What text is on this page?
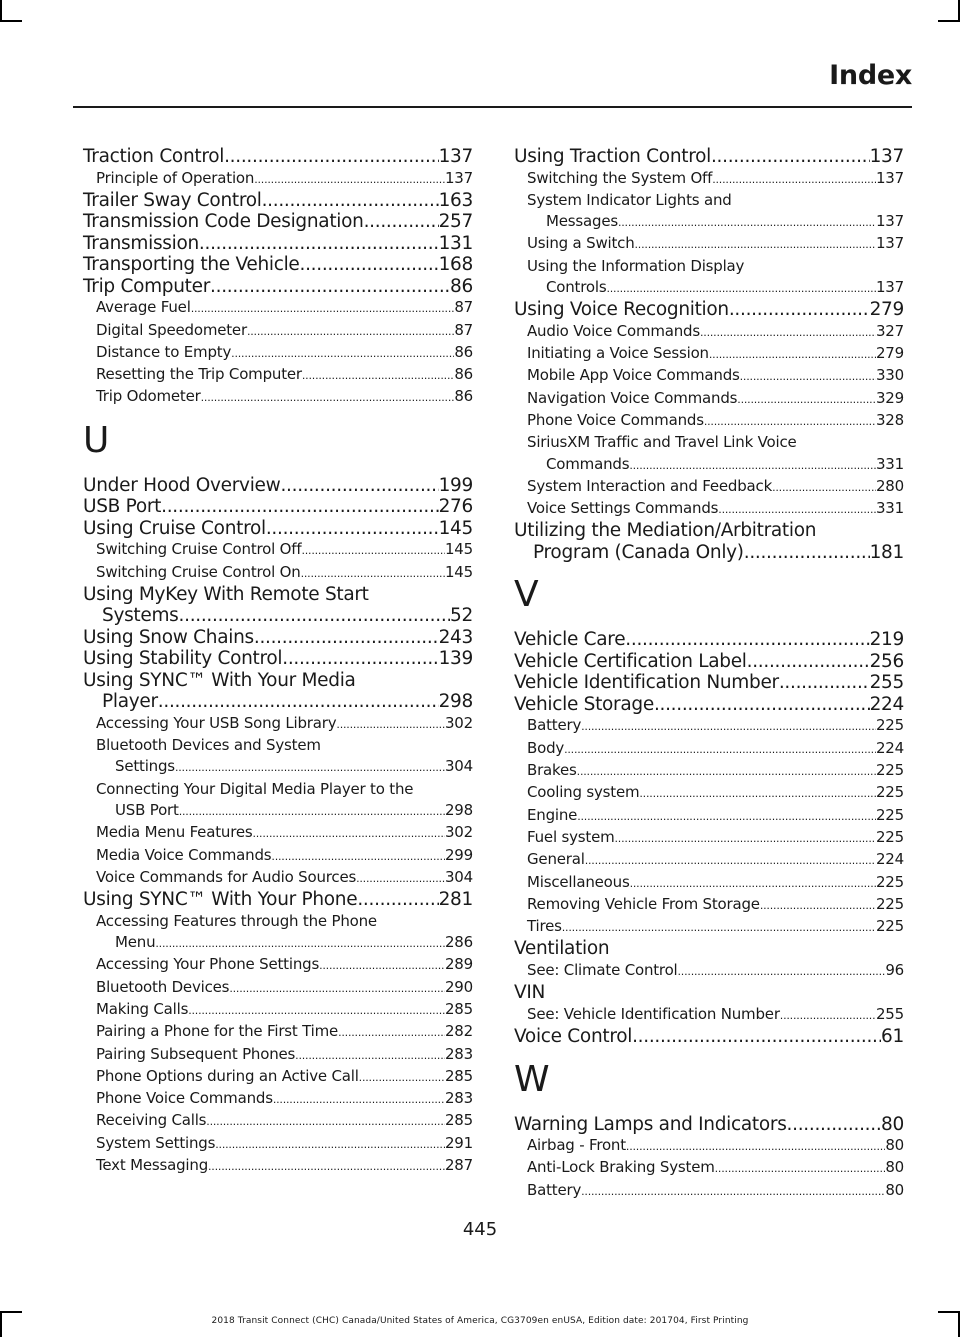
Index
Traction Control .....	137
Principle of Operation .....	137
Trailer Sway Control .....	163
Transmission Code Designation .....	257
Transmission .....	131
Transporting the Vehicle .....	168
Trip Computer .....	86
Average Fuel .....	87
Digital Speedometer .....	87
Distance to Empty .....	86
Resetting the Trip Computer .....	86
Trip Odometer .....	86
U
Under Hood Overview .....	199
USB Port .....	276
Using Cruise Control .....	145
Switching Cruise Control Off .....	145
Switching Cruise Control On .....	145
Using MyKey With Remote Start
Systems .....	52
Using Snow Chains .....	243
Using Stability Control .....	139
Using SYNC™ With Your Media
Player .....	298
Accessing Your USB Song Library .....	302
Bluetooth Devices and System
Settings .....	304
Connecting Your Digital Media Player to the
USB Port .....	298
Media Menu Features .....	302
Media Voice Commands .....	299
Voice Commands for Audio Sources .....	304
Using SYNC™ With Your Phone .....	281
Accessing Features through the Phone
Menu .....	286
Accessing Your Phone Settings .....	289
Bluetooth Devices .....	290
Making Calls .....	285
Pairing a Phone for the First Time .....	282
Pairing Subsequent Phones .....	283
Phone Options during an Active Call .....	285
Phone Voice Commands .....	283
Receiving Calls .....	285
System Settings .....	291
Text Messaging .....	287
Using Traction Control .....	137
Switching the System Off .....	137
System Indicator Lights and
Messages .....	137
Using a Switch .....	137
Using the Information Display
Controls .....	137
Using Voice Recognition .....	279
Audio Voice Commands .....	327
Initiating a Voice Session .....	279
Mobile App Voice Commands .....	330
Navigation Voice Commands .....	329
Phone Voice Commands .....	328
SiriusXM Traffic and Travel Link Voice
Commands .....	331
System Interaction and Feedback .....	280
Voice Settings Commands .....	331
Utilizing the Mediation/Arbitration
Program (Canada Only) .....	181
V
Vehicle Care .....	219
Vehicle Certification Label .....	256
Vehicle Identification Number .....	255
Vehicle Storage .....	224
Battery .....	225
Body .....	224
Brakes .....	225
Cooling system .....	225
Engine .....	225
Fuel system .....	225
General .....	224
Miscellaneous .....	225
Removing Vehicle From Storage .....	225
Tires .....	225
Ventilation
See: Climate Control .....	96
VIN
See: Vehicle Identification Number .....	255
Voice Control .....	61
W
Warning Lamps and Indicators .....	80
Airbag - Front .....	80
Anti-Lock Braking System .....	80
Battery .....	80
445
2018 Transit Connect (CHC) Canada/United States of America, CG3709en enUSA, Edition date: 201704, First Printing
